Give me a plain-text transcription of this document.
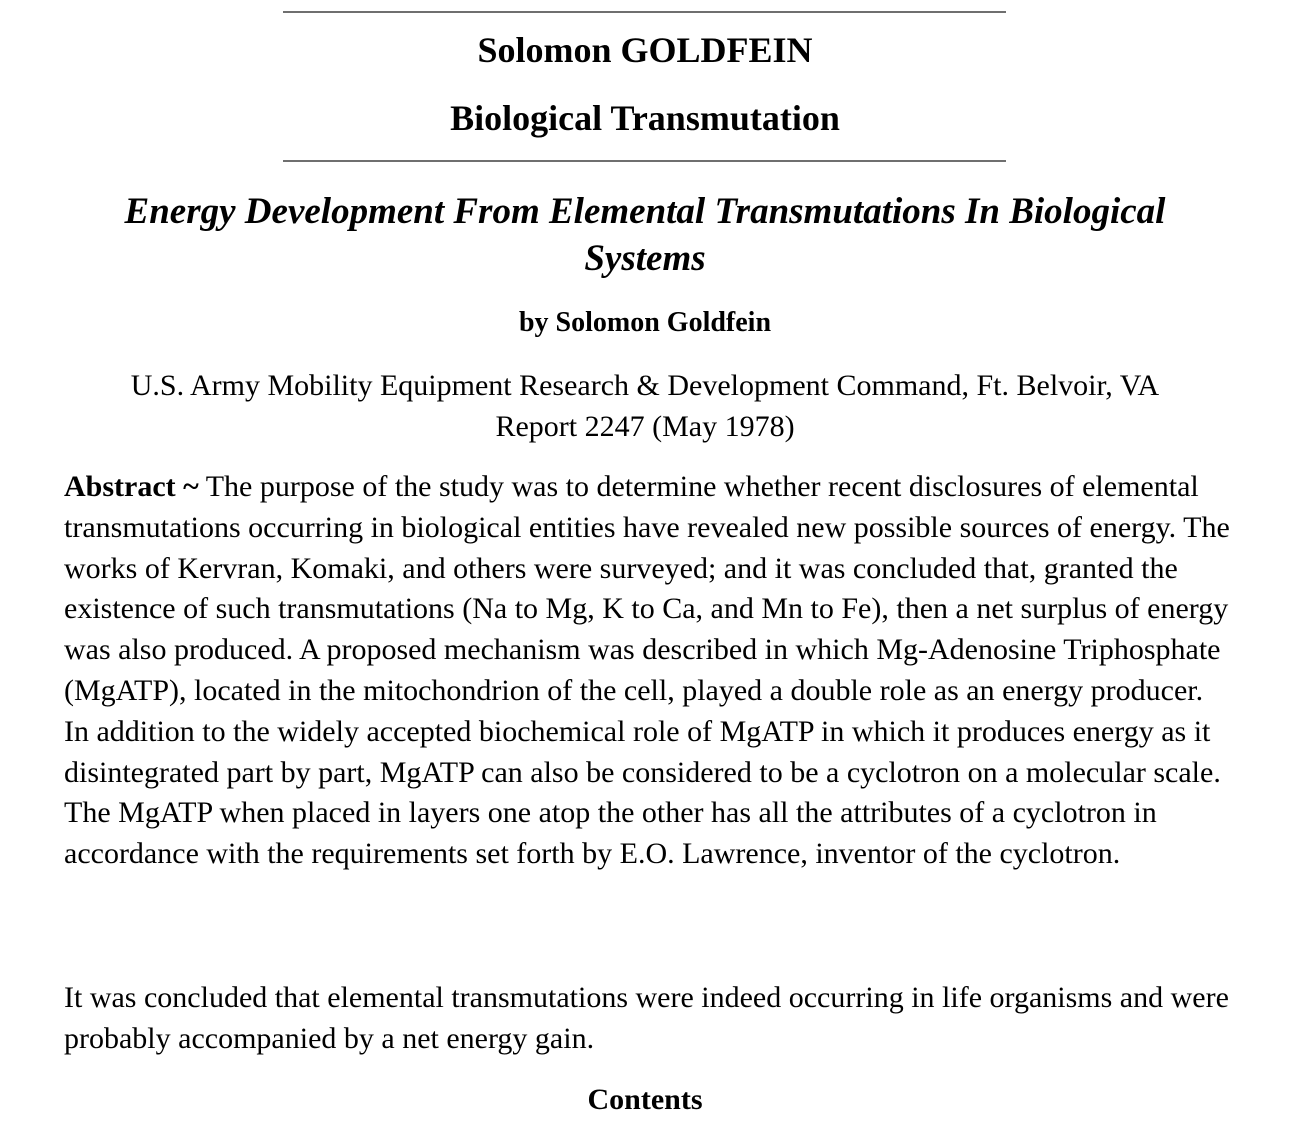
Solomon GOLDFEIN
Biological Transmutation
Energy Development From Elemental Transmutations In Biological Systems
by Solomon Goldfein
U.S. Army Mobility Equipment Research & Development Command, Ft. Belvoir, VA
Report 2247 (May 1978)

Abstract ~ The purpose of the study was to determine whether recent disclosures of elemental transmutations occurring in biological entities have revealed new possible sources of energy. The works of Kervran, Komaki, and others were surveyed; and it was concluded that, granted the existence of such transmutations (Na to Mg, K to Ca, and Mn to Fe), then a net surplus of energy was also produced. A proposed mechanism was described in which Mg-Adenosine Triphosphate (MgATP), located in the mitochondrion of the cell, played a double role as an energy producer. In addition to the widely accepted biochemical role of MgATP in which it produces energy as it disintegrated part by part, MgATP can also be considered to be a cyclotron on a molecular scale. The MgATP when placed in layers one atop the other has all the attributes of a cyclotron in accordance with the requirements set forth by E.O. Lawrence, inventor of the cyclotron.

It was concluded that elemental transmutations were indeed occurring in life organisms and were probably accompanied by a net energy gain.

Contents
